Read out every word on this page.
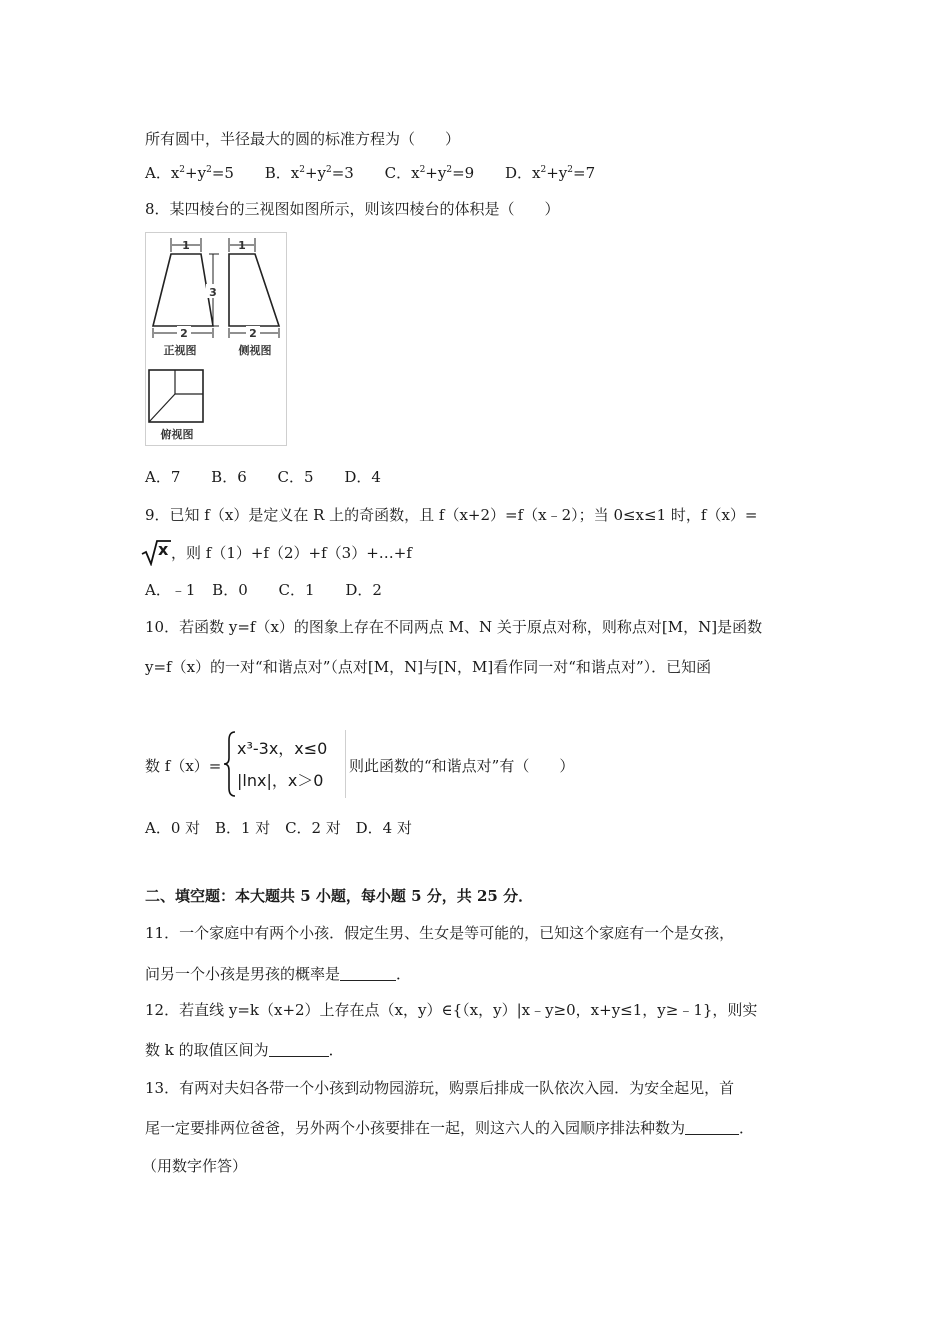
所有圆中，半径最大的圆的标准方程为（　　）
A．$x^2+y^2=5$ B．$x^2+y^2=3$ C．$x^2+y^2=9$ D．$x^2+y^2=7$
8．某四棱台的三视图如图所示，则该四棱台的体积是（　　）
1
3
2
正视图
1
2
侧视图
俯视图
A．7 B．6 C．5 D．4
9．已知 f（x）是定义在 R 上的奇函数，且 f（x+2）=f（x﹣2）；当 0≤x≤1 时，f（x）=
x ，则 f（1）+f（2）+f（3）+…+f
A．﹣1 B．0 C．1 D．2
10．若函数 y=f（x）的图象上存在不同两点 M、N 关于原点对称，则称点对[M，N]是函数
y=f（x）的一对“和谐点对”（点对[M，N]与[N，M]看作同一对“和谐点对”）．已知函
数 f（x）=
x³-3x，x≤0
|lnx|，x＞0
则此函数的“和谐点对”有（　　）
A．0 对 B．1 对 C．2 对 D．4 对
二、填空题：本大题共 5 小题，每小题 5 分，共 25 分．
11．一个家庭中有两个小孩．假定生男、生女是等可能的，已知这个家庭有一个是女孩，
问另一个小孩是男孩的概率是	．
12．若直线 y=k（x+2）上存在点（x，y）∈{（x，y）|x﹣y≥0，x+y≤1，y≥﹣1}，则实
数 k 的取值区间为	．
13．有两对夫妇各带一个小孩到动物园游玩，购票后排成一队依次入园．为安全起见，首
尾一定要排两位爸爸，另外两个小孩要排在一起，则这六人的入园顺序排法种数为	．
（用数字作答）
